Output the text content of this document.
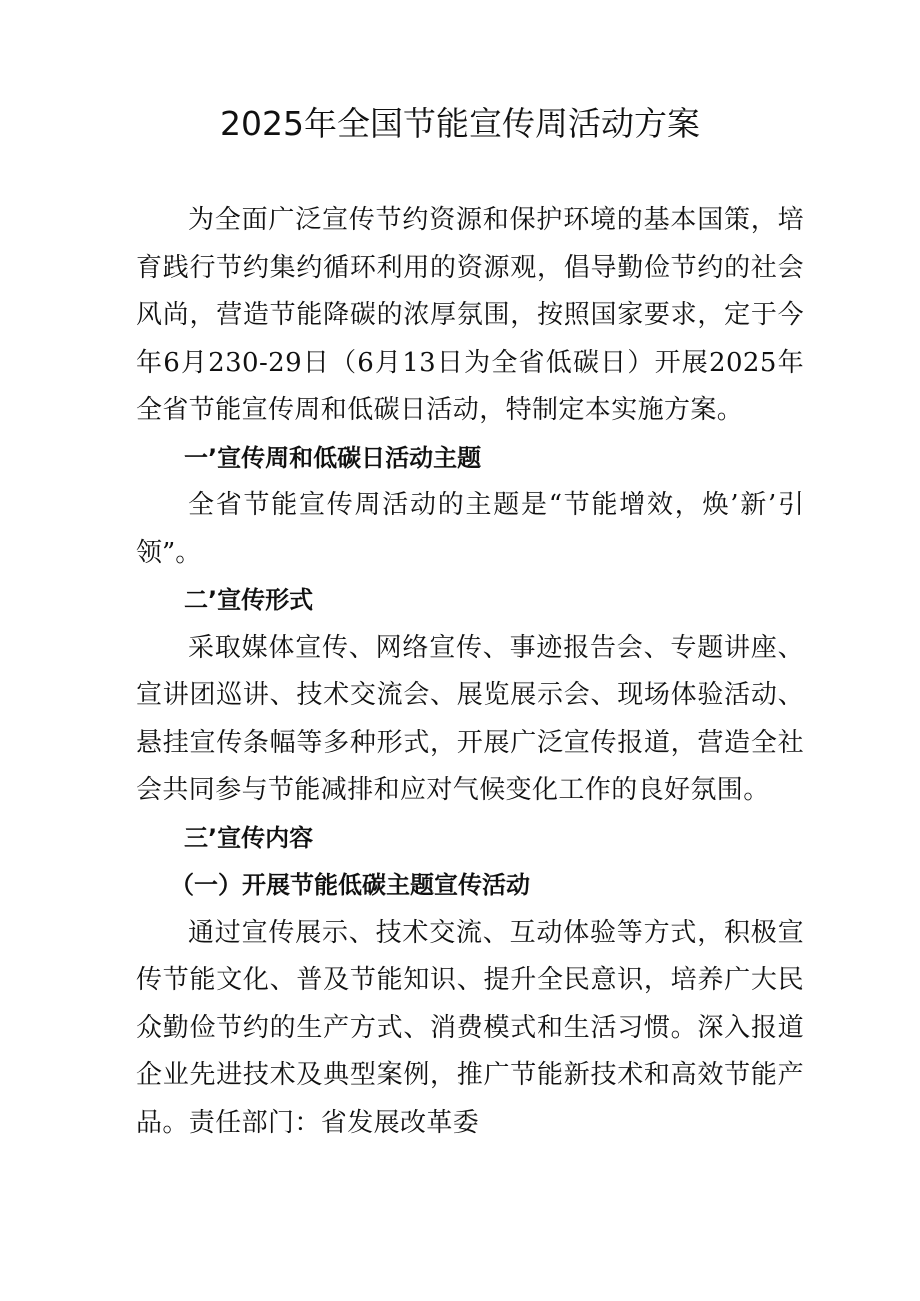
2025年全国节能宣传周活动方案

为全面广泛宣传节约资源和保护环境的基本国策，培育践行节约集约循环利用的资源观，倡导勤俭节约的社会风尚，营造节能降碳的浓厚氛围，按照国家要求，定于今年6月230-29日（6月13日为全省低碳日）开展2025年全省节能宣传周和低碳日活动，特制定本实施方案。

一’宣传周和低碳日活动主题

全省节能宣传周活动的主题是“节能增效，焕’新’引领”。

二’宣传形式

采取媒体宣传、网络宣传、事迹报告会、专题讲座、宣讲团巡讲、技术交流会、展览展示会、现场体验活动、悬挂宣传条幅等多种形式，开展广泛宣传报道，营造全社会共同参与节能减排和应对气候变化工作的良好氛围。

三’宣传内容

（一）开展节能低碳主题宣传活动

通过宣传展示、技术交流、互动体验等方式，积极宣传节能文化、普及节能知识、提升全民意识，培养广大民众勤俭节约的生产方式、消费模式和生活习惯。深入报道企业先进技术及典型案例，推广节能新技术和高效节能产品。责任部门：省发展改革委
